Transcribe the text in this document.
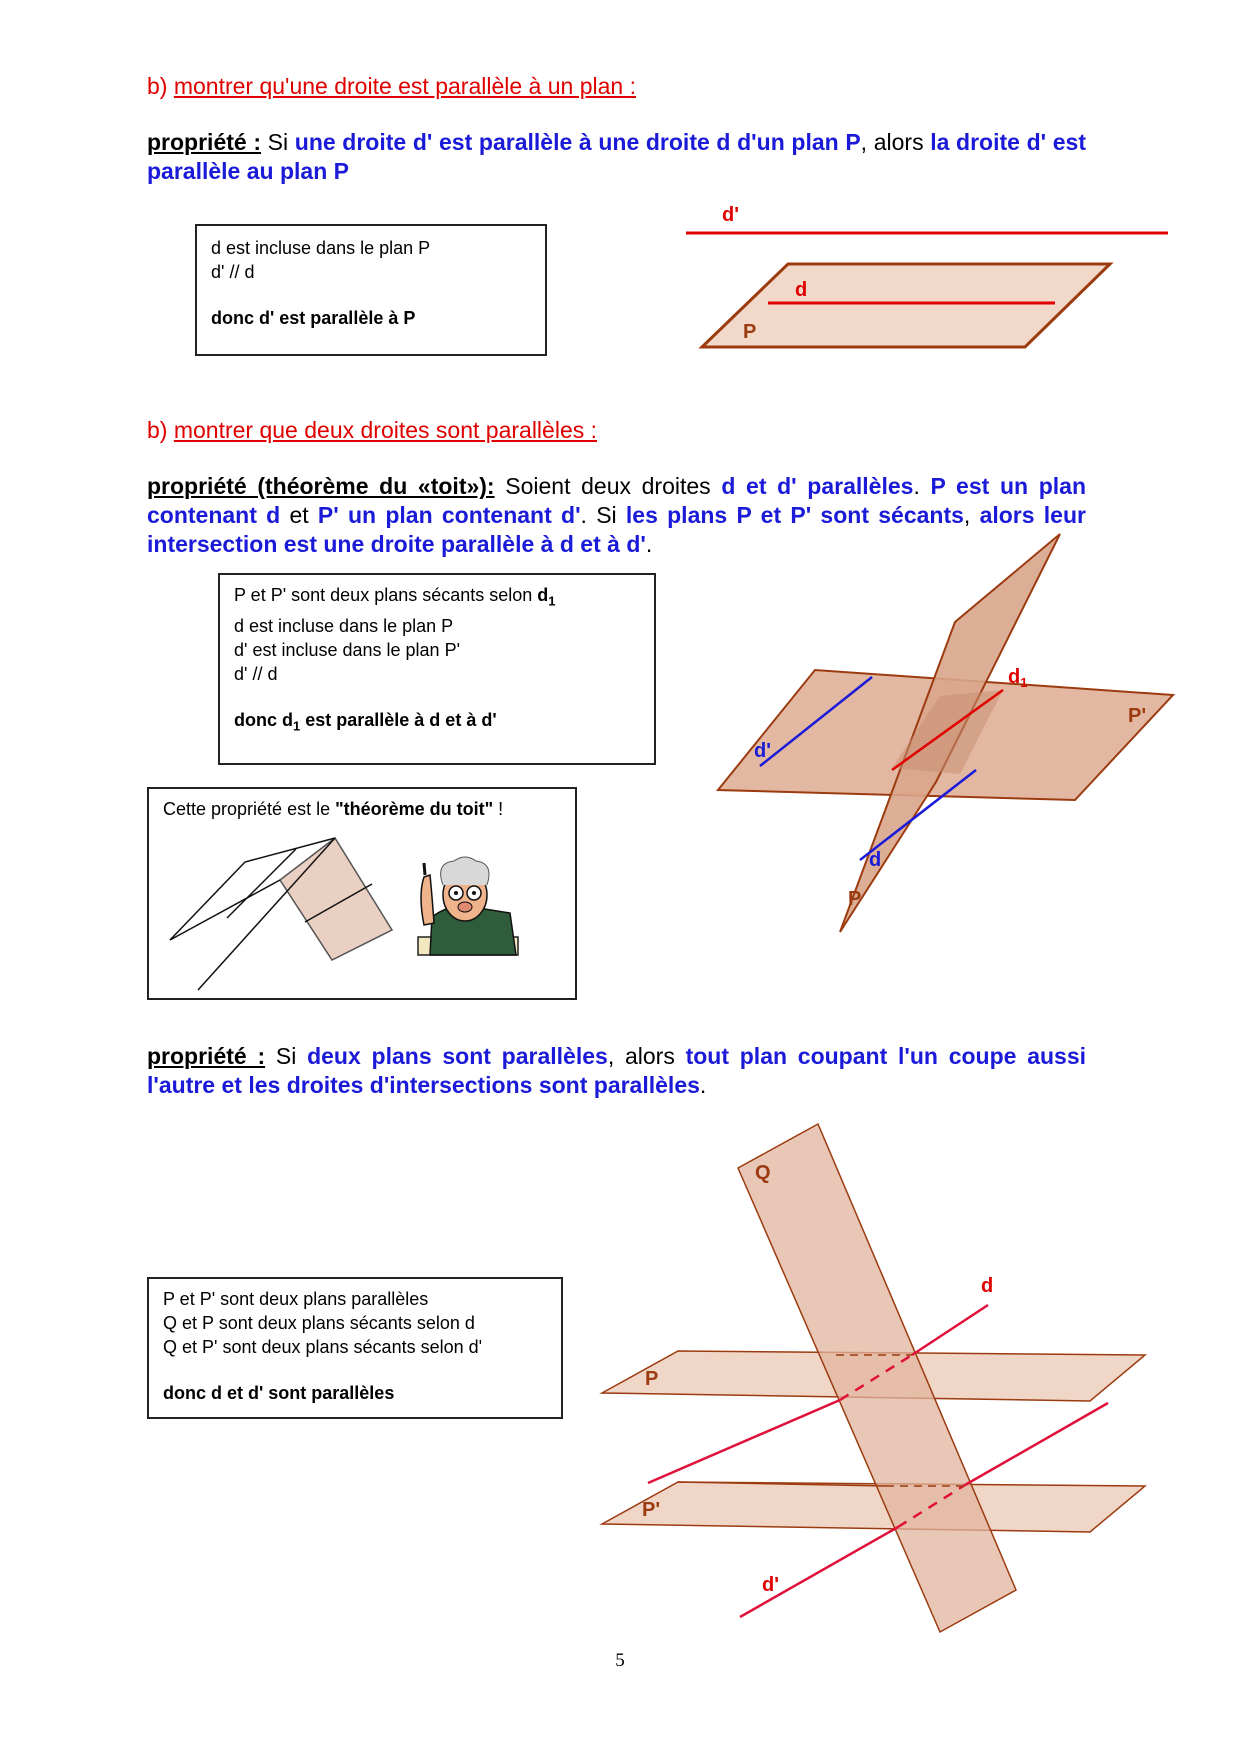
b) montrer qu'une droite est parallèle à un plan :
propriété : Si une droite d' est parallèle à une droite d d'un plan P, alors la droite d' est parallèle au plan P
d est incluse dans le plan P
d' // d
donc d' est parallèle à P
d'
d
P
b) montrer que deux droites sont parallèles :
propriété (théorème du «toit»): Soient deux droites d et d' parallèles. P est un plan contenant d et P' un plan contenant d'. Si les plans P et P' sont sécants, alors leur intersection est une droite parallèle à d et à d'.
P et P' sont deux plans sécants selon $d_1$
d est incluse dans le plan P
d' est incluse dans le plan P'
d' // d
donc $d_1$ est parallèle à d et à d'
Cette propriété est le "théorème du toit" !
$d_1$
P'
d'
d
P
propriété : Si deux plans sont parallèles, alors tout plan coupant l'un coupe aussi l'autre et les droites d'intersections sont parallèles.
P et P' sont deux plans parallèles
Q et P sont deux plans sécants selon d
Q et P' sont deux plans sécants selon d'
donc d et d' sont parallèles
Q
d
P
P'
d'
5
